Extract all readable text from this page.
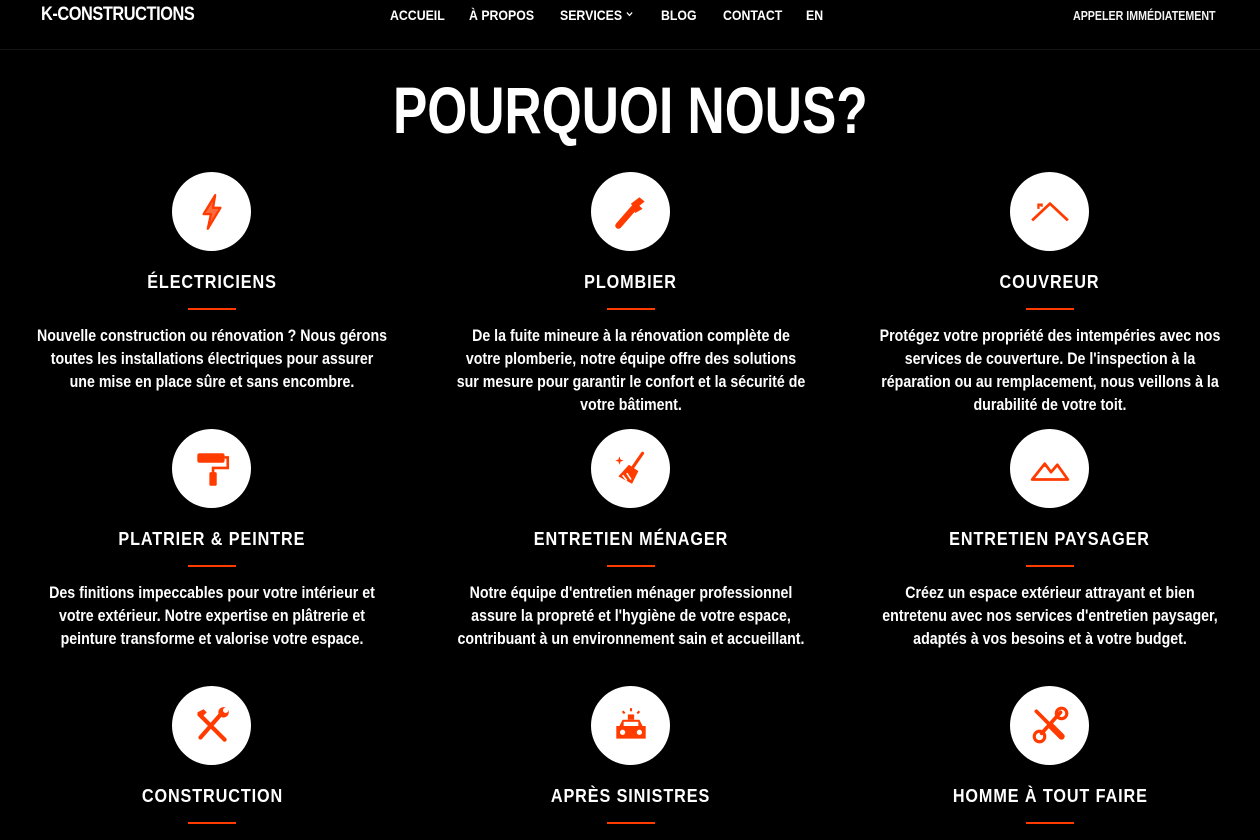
K-CONSTRUCTIONS	ACCUEIL À PROPOS SERVICES	BLOG CONTACT EN	APPELER IMMÉDIATEMENT
POURQUOI NOUS?
ÉLECTRICIENS

Nouvelle construction ou rénovation ? Nous gérons toutes les installations électriques pour assurer une mise en place sûre et sans encombre.

PLOMBIER

De la fuite mineure à la rénovation complète de votre plomberie, notre équipe offre des solutions sur mesure pour garantir le confort et la sécurité de votre bâtiment.

COUVREUR

Protégez votre propriété des intempéries avec nos services de couverture. De l'inspection à la réparation ou au remplacement, nous veillons à la durabilité de votre toit.

PLATRIER & PEINTRE

Des finitions impeccables pour votre intérieur et votre extérieur. Notre expertise en plâtrerie et peinture transforme et valorise votre espace.

ENTRETIEN MÉNAGER

Notre équipe d'entretien ménager professionnel assure la propreté et l'hygiène de votre espace, contribuant à un environnement sain et accueillant.

ENTRETIEN PAYSAGER

Créez un espace extérieur attrayant et bien entretenu avec nos services d'entretien paysager, adaptés à vos besoins et à votre budget.

CONSTRUCTION	APRÈS SINISTRES	HOMME À TOUT FAIRE
